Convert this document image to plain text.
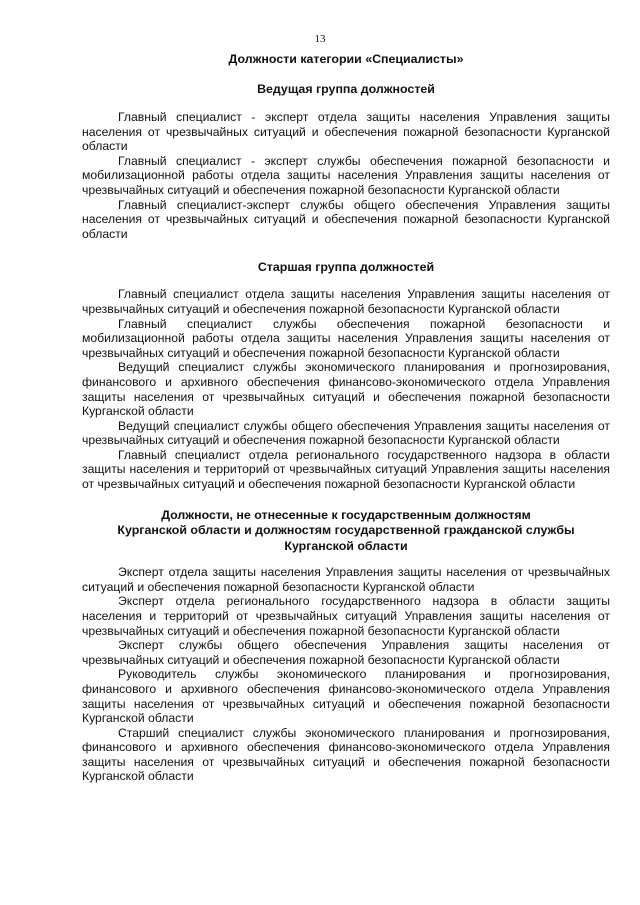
13
Должности категории «Специалисты»
Ведущая группа должностей

Главный специалист - эксперт отдела защиты населения Управления защиты населения от чрезвычайных ситуаций и обеспечения пожарной безопасности Курганской области

Главный специалист - эксперт службы обеспечения пожарной безопасности и мобилизационной работы отдела защиты населения Управления защиты населения от чрезвычайных ситуаций и обеспечения пожарной безопасности Курганской области

Главный специалист-эксперт службы общего обеспечения Управления защиты населения от чрезвычайных ситуаций и обеспечения пожарной безопасности Курганской области

Старшая группа должностей

Главный специалист отдела защиты населения Управления защиты населения от чрезвычайных ситуаций и обеспечения пожарной безопасности Курганской области

Главный специалист службы обеспечения пожарной безопасности и мобилизационной работы отдела защиты населения Управления защиты населения от чрезвычайных ситуаций и обеспечения пожарной безопасности Курганской области

Ведущий специалист службы экономического планирования и прогнозирования, финансового и архивного обеспечения финансово-экономического отдела Управления защиты населения от чрезвычайных ситуаций и обеспечения пожарной безопасности Курганской области

Ведущий специалист службы общего обеспечения Управления защиты населения от чрезвычайных ситуаций и обеспечения пожарной безопасности Курганской области

Главный специалист отдела регионального государственного надзора в области защиты населения и территорий от чрезвычайных ситуаций Управления защиты населения от чрезвычайных ситуаций и обеспечения пожарной безопасности Курганской области

Должности, не отнесенные к государственным должностям
Курганской области и должностям государственной гражданской службы
Курганской области

Эксперт отдела защиты населения Управления защиты населения от чрезвычайных ситуаций и обеспечения пожарной безопасности Курганской области

Эксперт отдела регионального государственного надзора в области защиты населения и территорий от чрезвычайных ситуаций Управления защиты населения от чрезвычайных ситуаций и обеспечения пожарной безопасности Курганской области

Эксперт службы общего обеспечения Управления защиты населения от чрезвычайных ситуаций и обеспечения пожарной безопасности Курганской области

Руководитель службы экономического планирования и прогнозирования, финансового и архивного обеспечения финансово-экономического отдела Управления защиты населения от чрезвычайных ситуаций и обеспечения пожарной безопасности Курганской области

Старший специалист службы экономического планирования и прогнозирования, финансового и архивного обеспечения финансово-экономического отдела Управления защиты населения от чрезвычайных ситуаций и обеспечения пожарной безопасности Курганской области
